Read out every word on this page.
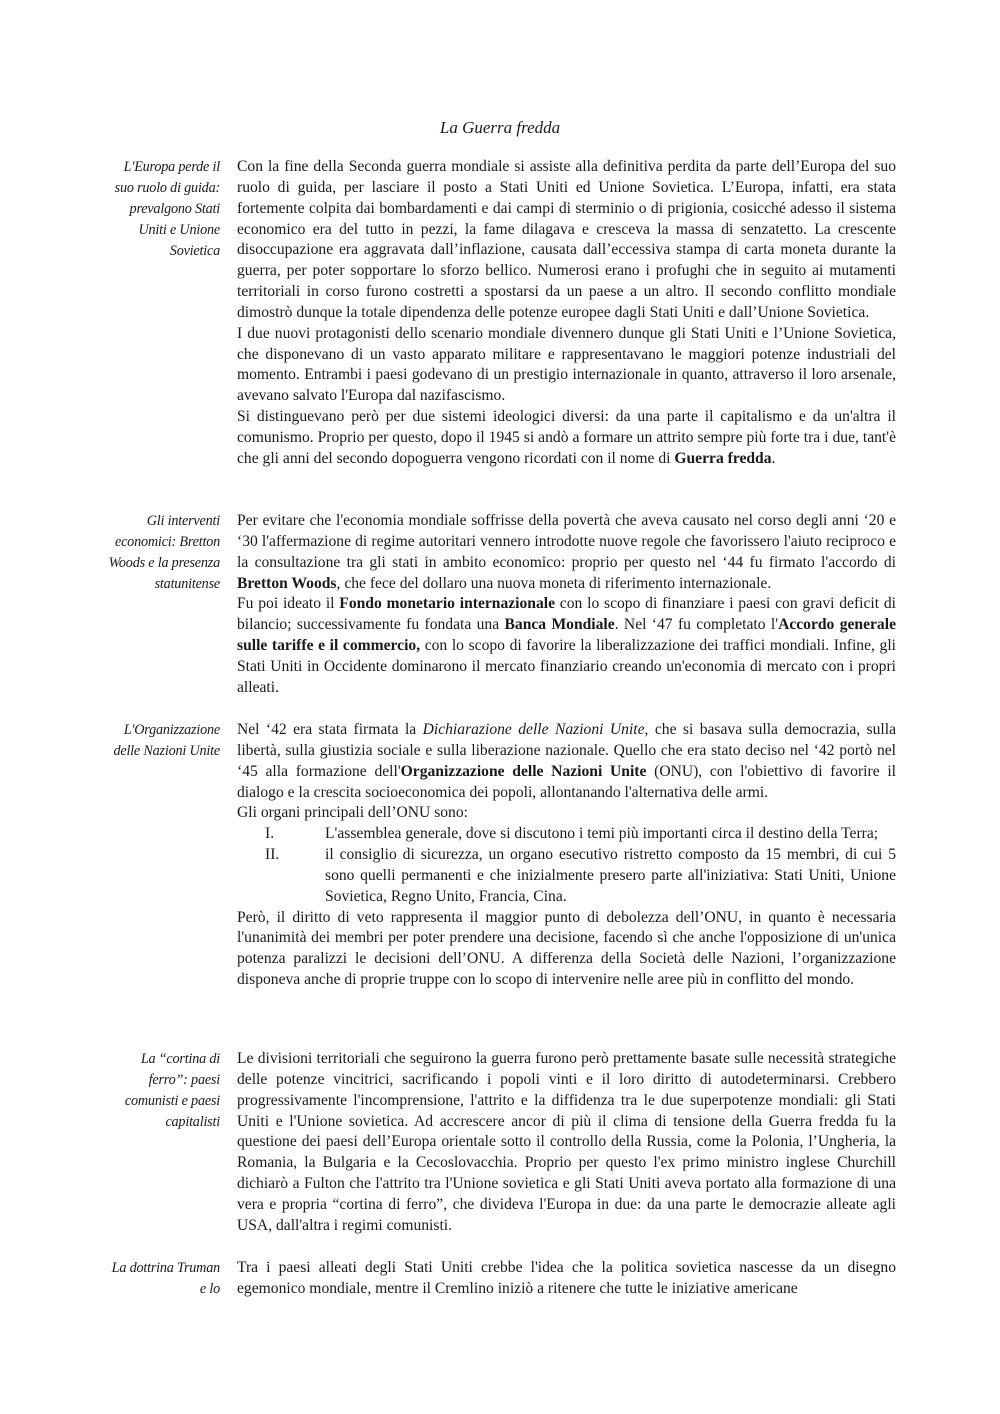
La Guerra fredda
L'Europa perde il suo ruolo di guida: prevalgono Stati Uniti e Unione Sovietica

Con la fine della Seconda guerra mondiale si assiste alla definitiva perdita da parte dell’Europa del suo ruolo di guida, per lasciare il posto a Stati Uniti ed Unione Sovietica. L’Europa, infatti, era stata fortemente colpita dai bombardamenti e dai campi di sterminio o di prigionia, cosicché adesso il sistema economico era del tutto in pezzi, la fame dilagava e cresceva la massa di senzatetto. La crescente disoccupazione era aggravata dall’inflazione, causata dall’eccessiva stampa di carta moneta durante la guerra, per poter sopportare lo sforzo bellico. Numerosi erano i profughi che in seguito ai mutamenti territoriali in corso furono costretti a spostarsi da un paese a un altro. Il secondo conflitto mondiale dimostrò dunque la totale dipendenza delle potenze europee dagli Stati Uniti e dall’Unione Sovietica.

I due nuovi protagonisti dello scenario mondiale divennero dunque gli Stati Uniti e l’Unione Sovietica, che disponevano di un vasto apparato militare e rappresentavano le maggiori potenze industriali del momento. Entrambi i paesi godevano di un prestigio internazionale in quanto, attraverso il loro arsenale, avevano salvato l'Europa dal nazifascismo.

Si distinguevano però per due sistemi ideologici diversi: da una parte il capitalismo e da un'altra il comunismo. Proprio per questo, dopo il 1945 si andò a formare un attrito sempre più forte tra i due, tant'è che gli anni del secondo dopoguerra vengono ricordati con il nome di Guerra fredda.

Gli interventi economici: Bretton Woods e la presenza statunitense

Per evitare che l'economia mondiale soffrisse della povertà che aveva causato nel corso degli anni ‘20 e ‘30 l'affermazione di regime autoritari vennero introdotte nuove regole che favorissero l'aiuto reciproco e la consultazione tra gli stati in ambito economico: proprio per questo nel ‘44 fu firmato l'accordo di Bretton Woods, che fece del dollaro una nuova moneta di riferimento internazionale.

Fu poi ideato il Fondo monetario internazionale con lo scopo di finanziare i paesi con gravi deficit di bilancio; successivamente fu fondata una Banca Mondiale. Nel ‘47 fu completato l'Accordo generale sulle tariffe e il commercio, con lo scopo di favorire la liberalizzazione dei traffici mondiali. Infine, gli Stati Uniti in Occidente dominarono il mercato finanziario creando un'economia di mercato con i propri alleati.

L'Organizzazione delle Nazioni Unite

Nel ‘42 era stata firmata la Dichiarazione delle Nazioni Unite, che si basava sulla democrazia, sulla libertà, sulla giustizia sociale e sulla liberazione nazionale. Quello che era stato deciso nel ‘42 portò nel ‘45 alla formazione dell'Organizzazione delle Nazioni Unite (ONU), con l'obiettivo di favorire il dialogo e la crescita socioeconomica dei popoli, allontanando l'alternativa delle armi.

Gli organi principali dell’ONU sono:

I.	L'assemblea generale, dove si discutono i temi più importanti circa il destino della Terra;
II.	il consiglio di sicurezza, un organo esecutivo ristretto composto da 15 membri, di cui 5 sono quelli permanenti e che inizialmente presero parte all'iniziativa: Stati Uniti, Unione Sovietica, Regno Unito, Francia, Cina.

Però, il diritto di veto rappresenta il maggior punto di debolezza dell’ONU, in quanto è necessaria l'unanimità dei membri per poter prendere una decisione, facendo sì che anche l'opposizione di un'unica potenza paralizzi le decisioni dell’ONU. A differenza della Società delle Nazioni, l’organizzazione disponeva anche di proprie truppe con lo scopo di intervenire nelle aree più in conflitto del mondo.

La “cortina di ferro”: paesi comunisti e paesi capitalisti

Le divisioni territoriali che seguirono la guerra furono però prettamente basate sulle necessità strategiche delle potenze vincitrici, sacrificando i popoli vinti e il loro diritto di autodeterminarsi. Crebbero progressivamente l'incomprensione, l'attrito e la diffidenza tra le due superpotenze mondiali: gli Stati Uniti e l'Unione sovietica. Ad accrescere ancor di più il clima di tensione della Guerra fredda fu la questione dei paesi dell’Europa orientale sotto il controllo della Russia, come la Polonia, l’Ungheria, la Romania, la Bulgaria e la Cecoslovacchia. Proprio per questo l'ex primo ministro inglese Churchill dichiarò a Fulton che l'attrito tra l'Unione sovietica e gli Stati Uniti aveva portato alla formazione di una vera e propria “cortina di ferro”, che divideva l'Europa in due: da una parte le democrazie alleate agli USA, dall'altra i regimi comunisti.

La dottrina Truman e lo

Tra i paesi alleati degli Stati Uniti crebbe l'idea che la politica sovietica nascesse da un disegno egemonico mondiale, mentre il Cremlino iniziò a ritenere che tutte le iniziative americane
